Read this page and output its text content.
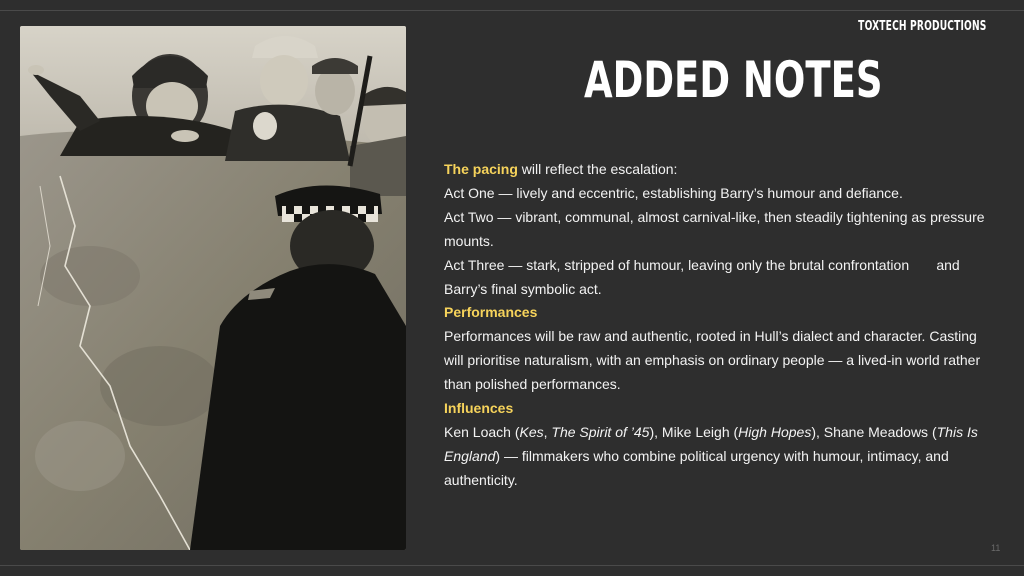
TOXTECH PRODUCTIONS
ADDED NOTES

The pacing will reflect the escalation:

Act One — lively and eccentric, establishing Barry’s humour and defiance.

Act Two — vibrant, communal, almost carnival-like, then steadily tightening as pressure mounts.

Act Three — stark, stripped of humour, leaving only the brutal confrontation       and Barry’s final symbolic act.

Performances

Performances will be raw and authentic, rooted in Hull’s dialect and character. Casting will prioritise naturalism, with an emphasis on ordinary people — a lived-in world rather than polished performances.

Influences

Ken Loach (Kes, The Spirit of ’45), Mike Leigh (High Hopes), Shane Meadows (This Is England) — filmmakers who combine political urgency with humour, intimacy, and authenticity.

11
